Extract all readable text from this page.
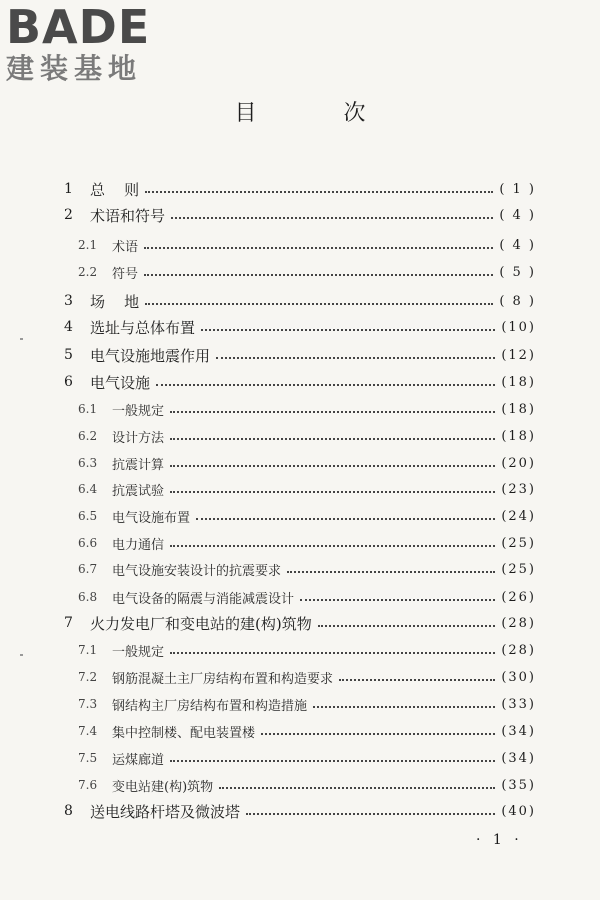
BADE
建装基地
目 次
1	总    则	( 1 )
2	术语和符号	( 4 )
2.1	术语	( 4 )
2.2	符号	( 5 )
3	场    地	( 8 )
4	选址与总体布置	(10)
5	电气设施地震作用	(12)
6	电气设施	(18)
6.1	一般规定	(18)
6.2	设计方法	(18)
6.3	抗震计算	(20)
6.4	抗震试验	(23)
6.5	电气设施布置	(24)
6.6	电力通信	(25)
6.7	电气设施安装设计的抗震要求	(25)
6.8	电气设备的隔震与消能减震设计	(26)
7	火力发电厂和变电站的建(构)筑物	(28)
7.1	一般规定	(28)
7.2	钢筋混凝土主厂房结构布置和构造要求	(30)
7.3	钢结构主厂房结构布置和构造措施	(33)
7.4	集中控制楼、配电装置楼	(34)
7.5	运煤廊道	(34)
7.6	变电站建(构)筑物	(35)
8	送电线路杆塔及微波塔	(40)
· 1 ·
